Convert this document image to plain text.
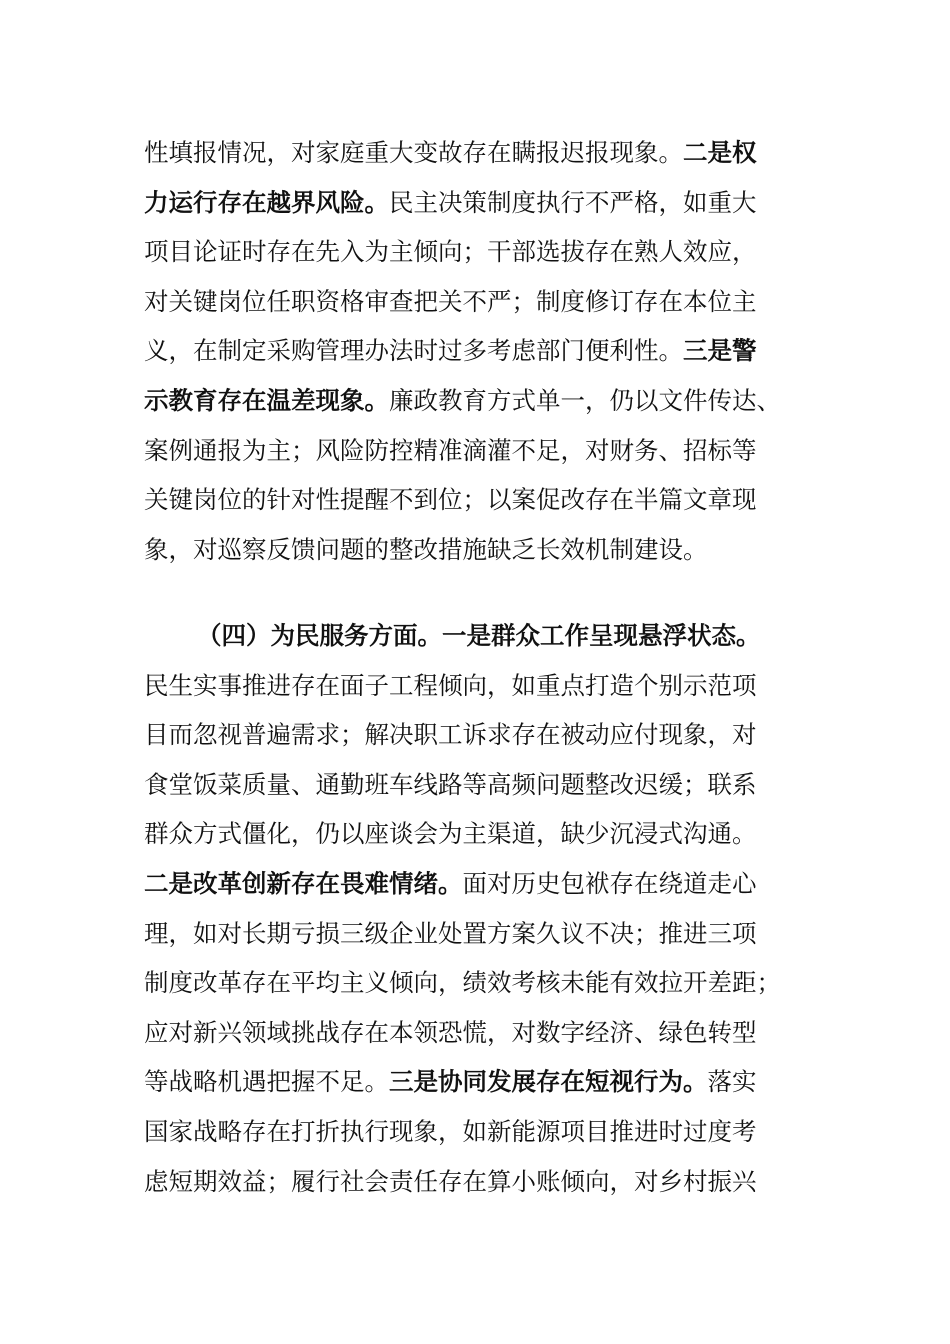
性填报情况，对家庭重大变故存在瞒报迟报现象。二是权
力运行存在越界风险。民主决策制度执行不严格，如重大
项目论证时存在先入为主倾向；干部选拔存在熟人效应，
对关键岗位任职资格审查把关不严；制度修订存在本位主
义，在制定采购管理办法时过多考虑部门便利性。三是警
示教育存在温差现象。廉政教育方式单一，仍以文件传达、
案例通报为主；风险防控精准滴灌不足，对财务、招标等
关键岗位的针对性提醒不到位；以案促改存在半篇文章现
象，对巡察反馈问题的整改措施缺乏长效机制建设。
（四）为民服务方面。一是群众工作呈现悬浮状态。
民生实事推进存在面子工程倾向，如重点打造个别示范项
目而忽视普遍需求；解决职工诉求存在被动应付现象，对
食堂饭菜质量、通勤班车线路等高频问题整改迟缓；联系
群众方式僵化，仍以座谈会为主渠道，缺少沉浸式沟通。
二是改革创新存在畏难情绪。面对历史包袱存在绕道走心
理，如对长期亏损三级企业处置方案久议不决；推进三项
制度改革存在平均主义倾向，绩效考核未能有效拉开差距；
应对新兴领域挑战存在本领恐慌，对数字经济、绿色转型
等战略机遇把握不足。三是协同发展存在短视行为。落实
国家战略存在打折执行现象，如新能源项目推进时过度考
虑短期效益；履行社会责任存在算小账倾向，对乡村振兴
